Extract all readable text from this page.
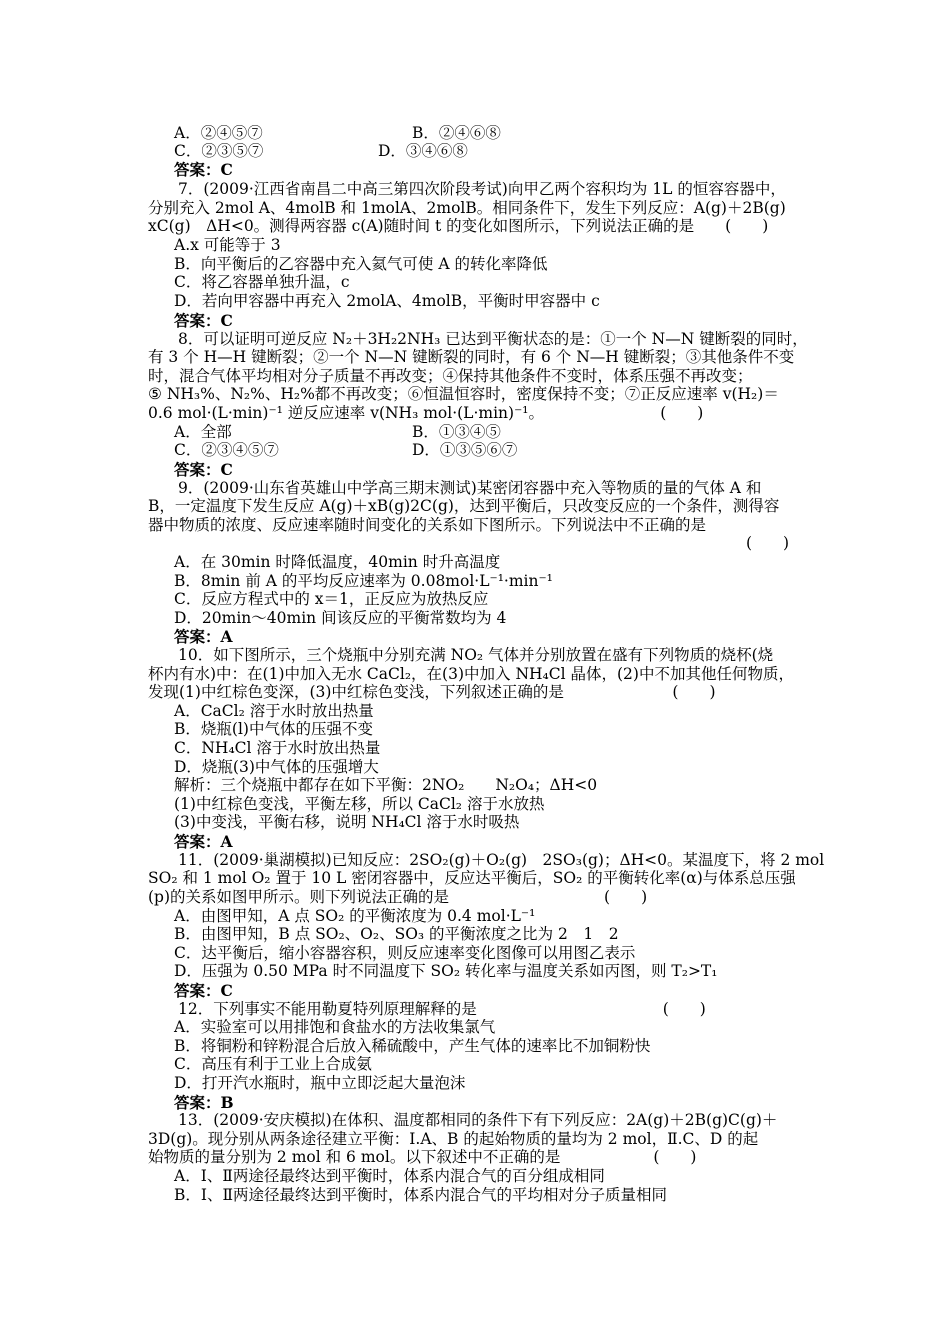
A．②④⑤⑦	B．②④⑥⑧
C．②③⑤⑦	D．③④⑥⑧
答案：C
7．(2009·江西省南昌二中高三第四次阶段考试)向甲乙两个容积均为 1L 的恒容容器中，
分别充入 2mol A、4molB 和 1molA、2molB。相同条件下，发生下列反应：A(g)＋2B(g)
xC(g)　ΔH<0。测得两容器 c(A)随时间 t 的变化如图所示，下列说法正确的是　　(　　)
A.x 可能等于 3
B．向平衡后的乙容器中充入氦气可使 A 的转化率降低
C．将乙容器单独升温，c
D．若向甲容器中再充入 2molA、4molB，平衡时甲容器中 c
答案：C
8．可以证明可逆反应 N₂＋3H₂2NH₃ 已达到平衡状态的是：①一个 N—N 键断裂的同时，
有 3 个 H—H 键断裂；②一个 N—N 键断裂的同时，有 6 个 N—H 键断裂；③其他条件不变
时，混合气体平均相对分子质量不再改变；④保持其他条件不变时，体系压强不再改变；
⑤ NH₃%、N₂%、H₂%都不再改变；⑥恒温恒容时，密度保持不变；⑦正反应速率 v(H₂)＝
0.6 mol·(L·min)⁻¹ 逆反应速率 v(NH₃ mol·(L·min)⁻¹。　　　　　　　　(　　)
A．全部	B．①③④⑤
C．②③④⑤⑦	D．①③⑤⑥⑦
答案：C
9．(2009·山东省英雄山中学高三期末测试)某密闭容器中充入等物质的量的气体 A 和
B，一定温度下发生反应 A(g)＋xB(g)2C(g)，达到平衡后，只改变反应的一个条件，测得容
器中物质的浓度、反应速率随时间变化的关系如下图所示。下列说法中不正确的是
(　　)
A．在 30min 时降低温度，40min 时升高温度
B．8min 前 A 的平均反应速率为 0.08mol·L⁻¹·min⁻¹
C．反应方程式中的 x＝1，正反应为放热反应
D．20min～40min 间该反应的平衡常数均为 4
答案：A
10．如下图所示，三个烧瓶中分别充满 NO₂ 气体并分别放置在盛有下列物质的烧杯(烧
杯内有水)中：在(1)中加入无水 CaCl₂，在(3)中加入 NH₄Cl 晶体，(2)中不加其他任何物质，
发现(1)中红棕色变深，(3)中红棕色变浅，下列叙述正确的是　　　　　　　(　　)
A．CaCl₂ 溶于水时放出热量
B．烧瓶(l)中气体的压强不变
C．NH₄Cl 溶于水时放出热量
D．烧瓶(3)中气体的压强增大
解析：三个烧瓶中都存在如下平衡：2NO₂　　N₂O₄；ΔH<0
(1)中红棕色变浅，平衡左移，所以 CaCl₂ 溶于水放热
(3)中变浅，平衡右移，说明 NH₄Cl 溶于水时吸热
答案：A
11．(2009·巢湖模拟)已知反应：2SO₂(g)＋O₂(g)　2SO₃(g)；ΔH<0。某温度下，将 2 mol
SO₂ 和 1 mol O₂ 置于 10 L 密闭容器中，反应达平衡后，SO₂ 的平衡转化率(α)与体系总压强
(p)的关系如图甲所示。则下列说法正确的是　　　　　　　　　　(　　)
A．由图甲知，A 点 SO₂ 的平衡浓度为 0.4 mol·L⁻¹
B．由图甲知，B 点 SO₂、O₂、SO₃ 的平衡浓度之比为 2　1　2
C．达平衡后，缩小容器容积，则反应速率变化图像可以用图乙表示
D．压强为 0.50 MPa 时不同温度下 SO₂ 转化率与温度关系如丙图，则 T₂>T₁
答案：C
12．下列事实不能用勒夏特列原理解释的是　　　　　　　　　　　　(　　)
A．实验室可以用排饱和食盐水的方法收集氯气
B．将铜粉和锌粉混合后放入稀硫酸中，产生气体的速率比不加铜粉快
C．高压有利于工业上合成氨
D．打开汽水瓶时，瓶中立即泛起大量泡沫
答案：B
13．(2009·安庆模拟)在体积、温度都相同的条件下有下列反应：2A(g)＋2B(g)C(g)＋
3D(g)。现分别从两条途径建立平衡：Ⅰ.A、B 的起始物质的量均为 2 mol，Ⅱ.C、D 的起
始物质的量分别为 2 mol 和 6 mol。以下叙述中不正确的是　　　　　　(　　)
A．Ⅰ、Ⅱ两途径最终达到平衡时，体系内混合气的百分组成相同
B．Ⅰ、Ⅱ两途径最终达到平衡时，体系内混合气的平均相对分子质量相同
